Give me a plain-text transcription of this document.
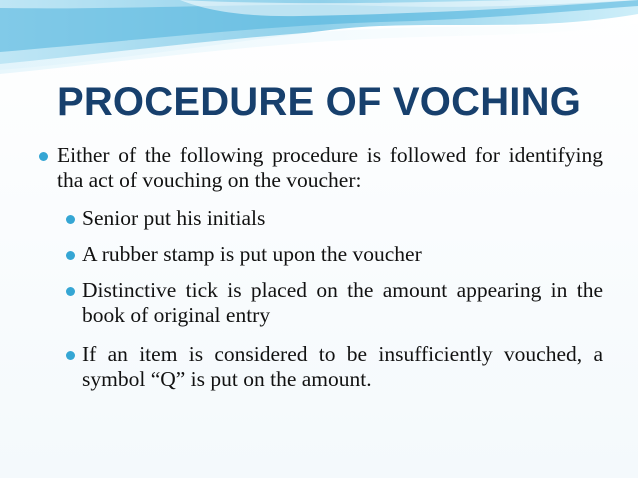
PROCEDURE OF VOCHING
Either of the following procedure is followed for identifying tha act of vouching on the voucher:
Senior put his initials
A rubber stamp is put upon the voucher
Distinctive tick is placed on the amount appearing in the book of original entry
If an item is considered to be insufficiently vouched, a symbol “Q” is put on the amount.
